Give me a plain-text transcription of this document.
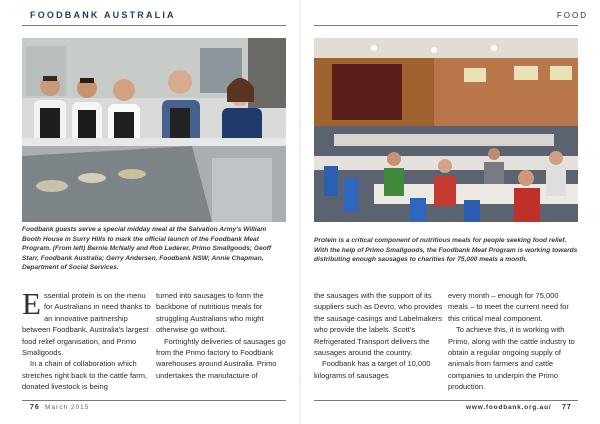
FOODBANK AUSTRALIA
Foodbank guests serve a special midday meal at the Salvation Army's William Booth House in Surry Hills to mark the official launch of the Foodbank Meat Program. (From left) Bernie McNally and Rob Lederer, Primo Smallgoods; Geoff Starr, Foodbank Australia; Gerry Andersen, Foodbank NSW; Annie Chapman, Department of Social Services.

Essential protein is on the menu for Australians in need thanks to an innovative partnership between Foodbank, Australia's largest food relief organisation, and Primo Smallgoods.

In a chain of collaboration which stretches right back to the cattle farm, donated livestock is being

turned into sausages to form the backbone of nutritious meals for struggling Australians who might otherwise go without.

Fortnightly deliveries of sausages go from the Primo factory to Foodbank warehouses around Australia. Primo undertakes the manufacture of

76 March 2015
FOOD
Protein is a critical component of nutritious meals for people seeking food relief. With the help of Primo Smallgoods, the Foodbank Meat Program is working towards distributing enough sausages to charities for 75,000 meals a month.

the sausages with the support of its suppliers such as Devro, who provides the sausage casings and Labelmakers who provide the labels. Scott's Refrigerated Transport delivers the sausages around the country.

Foodbank has a target of 10,000 kilograms of sausages

every month – enough for 75,000 meals – to meet the current need for this critical meal component.

To achieve this, it is working with Primo, along with the cattle industry to obtain a regular ongoing supply of animals from farmers and cattle companies to underpin the Primo production.

www.foodbank.org.au/ 77
